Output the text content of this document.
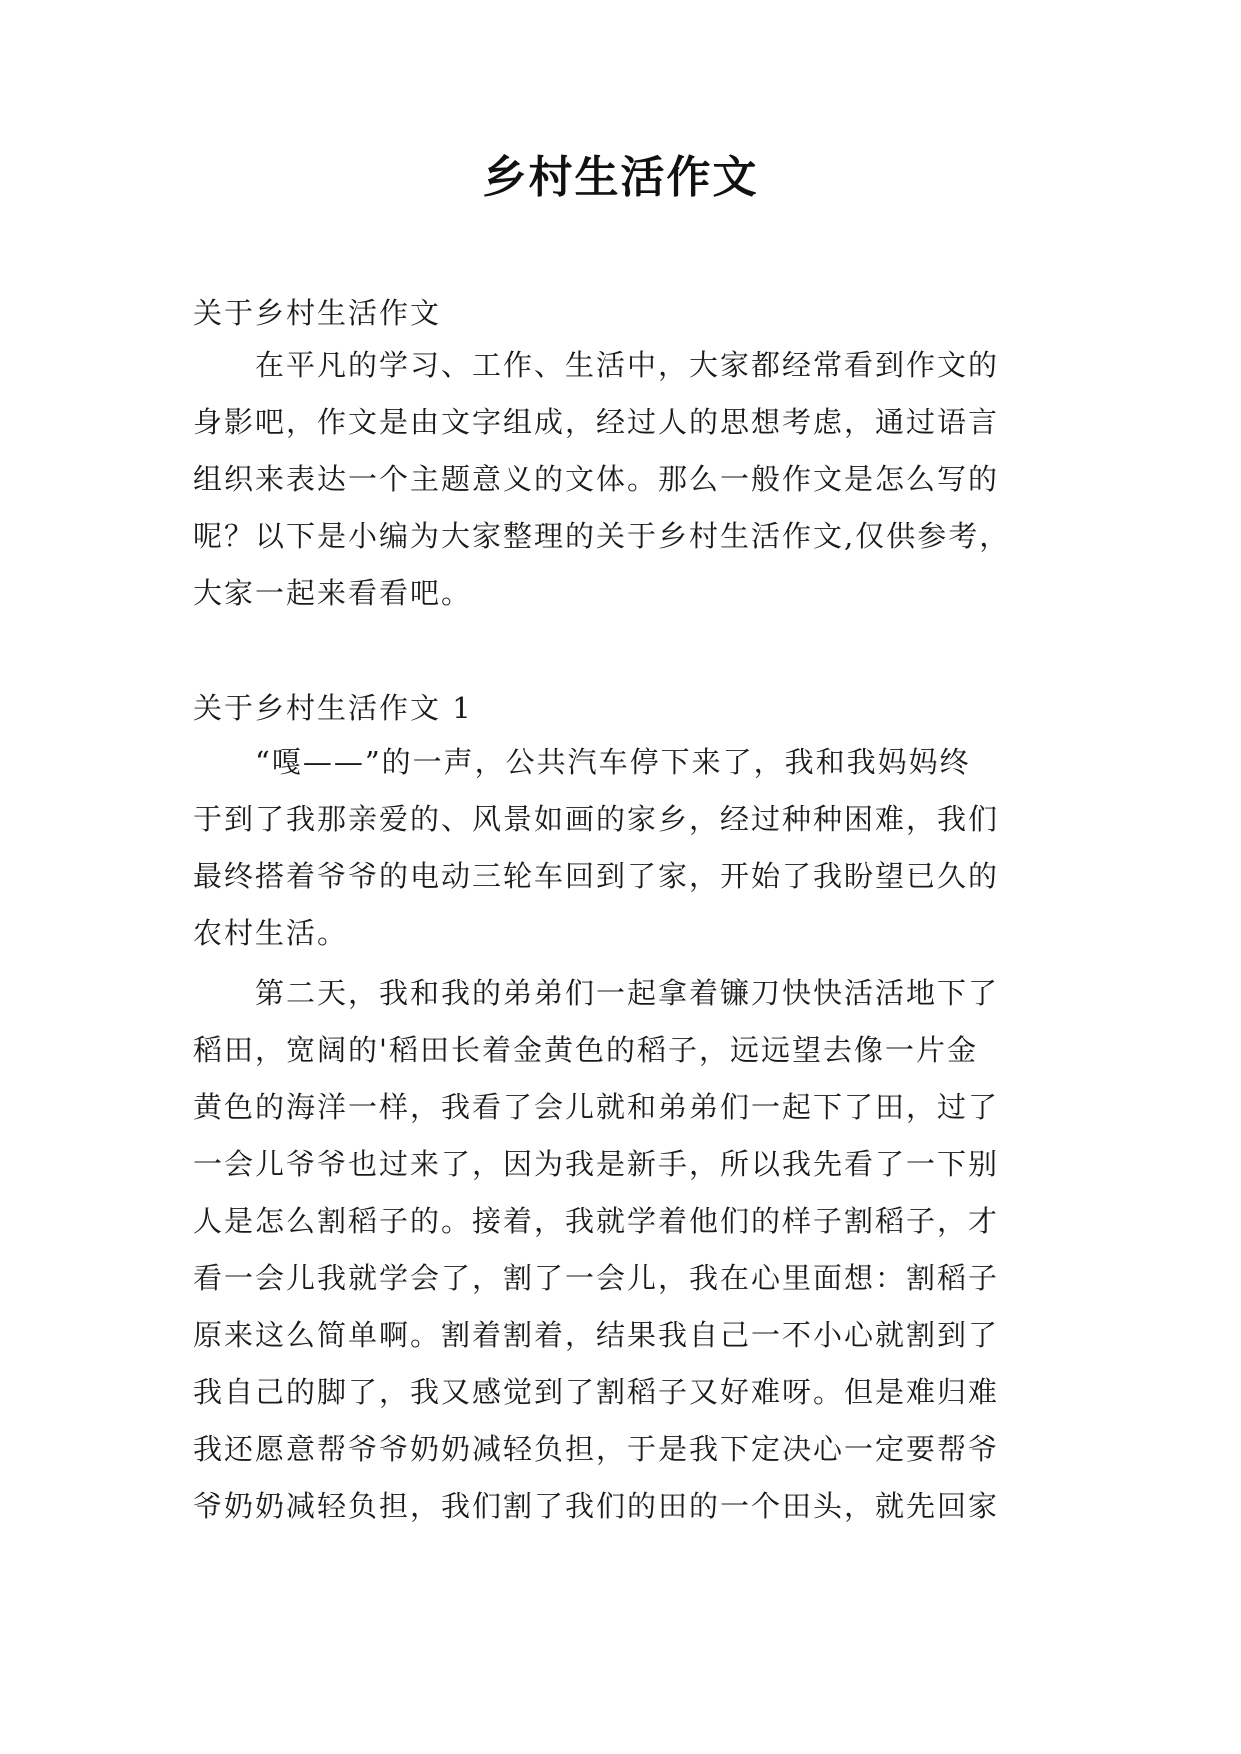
乡村生活作文
关于乡村生活作文
　　在平凡的学习、工作、生活中，大家都经常看到作文的
身影吧，作文是由文字组成，经过人的思想考虑，通过语言
组织来表达一个主题意义的文体。那么一般作文是怎么写的
呢？以下是小编为大家整理的关于乡村生活作文,仅供参考，
大家一起来看看吧。
关于乡村生活作文 1
　　“嘎——”的一声，公共汽车停下来了，我和我妈妈终
于到了我那亲爱的、风景如画的家乡，经过种种困难，我们
最终搭着爷爷的电动三轮车回到了家，开始了我盼望已久的
农村生活。
　　第二天，我和我的弟弟们一起拿着镰刀快快活活地下了
稻田，宽阔的'稻田长着金黄色的稻子，远远望去像一片金
黄色的海洋一样，我看了会儿就和弟弟们一起下了田，过了
一会儿爷爷也过来了，因为我是新手，所以我先看了一下别
人是怎么割稻子的。接着，我就学着他们的样子割稻子，才
看一会儿我就学会了，割了一会儿，我在心里面想：割稻子
原来这么简单啊。割着割着，结果我自己一不小心就割到了
我自己的脚了，我又感觉到了割稻子又好难呀。但是难归难
我还愿意帮爷爷奶奶减轻负担，于是我下定决心一定要帮爷
爷奶奶减轻负担，我们割了我们的田的一个田头，就先回家
